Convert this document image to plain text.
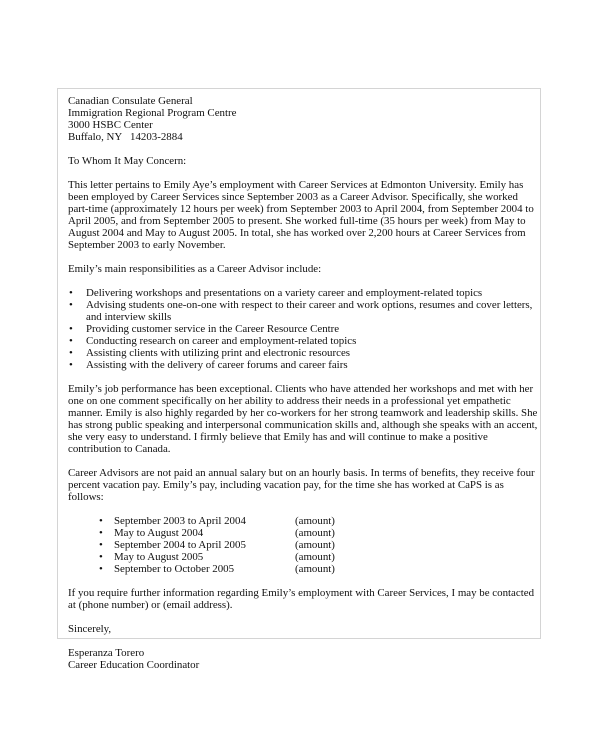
Canadian Consulate General
Immigration Regional Program Centre
3000 HSBC Center
Buffalo, NY   14203-2884

To Whom It May Concern:

This letter pertains to Emily Aye’s employment with Career Services at Edmonton University. Emily has been employed by Career Services since September 2003 as a Career Advisor. Specifically, she worked part-time (approximately 12 hours per week) from September 2003 to April 2004, from September 2004 to April 2005, and from September 2005 to present. She worked full-time (35 hours per week) from May to August 2004 and May to August 2005. In total, she has worked over 2,200 hours at Career Services from September 2003 to early November.

Emily’s main responsibilities as a Career Advisor include:

• Delivering workshops and presentations on a variety career and employment-related topics
• Advising students one-on-one with respect to their career and work options, resumes and cover letters, and interview skills
• Providing customer service in the Career Resource Centre
• Conducting research on career and employment-related topics
• Assisting clients with utilizing print and electronic resources
• Assisting with the delivery of career forums and career fairs

Emily’s job performance has been exceptional. Clients who have attended her workshops and met with her one on one comment specifically on her ability to address their needs in a professional yet empathetic manner. Emily is also highly regarded by her co-workers for her strong teamwork and leadership skills. She has strong public speaking and interpersonal communication skills and, although she speaks with an accent, she very easy to understand. I firmly believe that Emily has and will continue to make a positive contribution to Canada.

Career Advisors are not paid an annual salary but on an hourly basis. In terms of benefits, they receive four percent vacation pay. Emily’s pay, including vacation pay, for the time she has worked at CaPS is as follows:

• September 2003 to April 2004	(amount)
• May to August 2004	(amount)
• September 2004 to April 2005	(amount)
• May to August 2005	(amount)
• September to October 2005	(amount)

If you require further information regarding Emily’s employment with Career Services, I may be contacted at (phone number) or (email address).

Sincerely,

Esperanza Torero
Career Education Coordinator
